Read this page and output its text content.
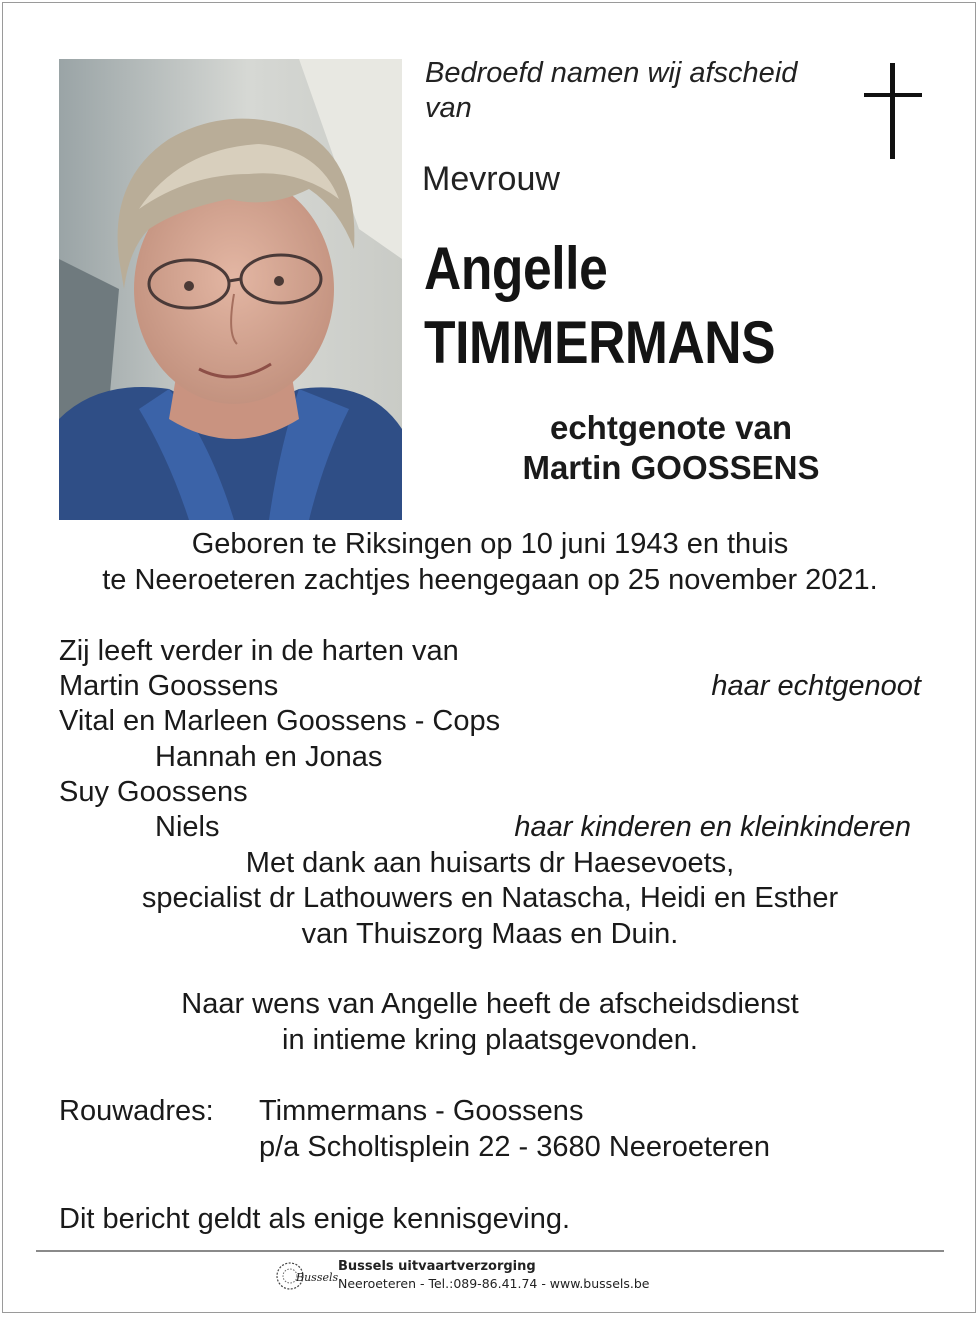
Bedroefd namen wij afscheid van
Mevrouw
Angelle
TIMMERMANS
echtgenote van
Martin GOOSSENS
Geboren te Riksingen op 10 juni 1943 en thuis
te Neeroeteren zachtjes heengegaan op 25 november 2021.
Zij leeft verder in de harten van
Martin Goossens	haar echtgenoot
Vital en Marleen Goossens - Cops
Hannah en Jonas
Suy Goossens
Niels	haar kinderen en kleinkinderen
Met dank aan huisarts dr Haesevoets,
specialist dr Lathouwers en Natascha, Heidi en Esther
van Thuiszorg Maas en Duin.
Naar wens van Angelle heeft de afscheidsdienst
in intieme kring plaatsgevonden.
Rouwadres: Timmermans - Goossens
p/a Scholtisplein 22 - 3680 Neeroeteren
Dit bericht geldt als enige kennisgeving.
Bussels
Bussels uitvaartverzorging
Neeroeteren - Tel.:089-86.41.74 - www.bussels.be
